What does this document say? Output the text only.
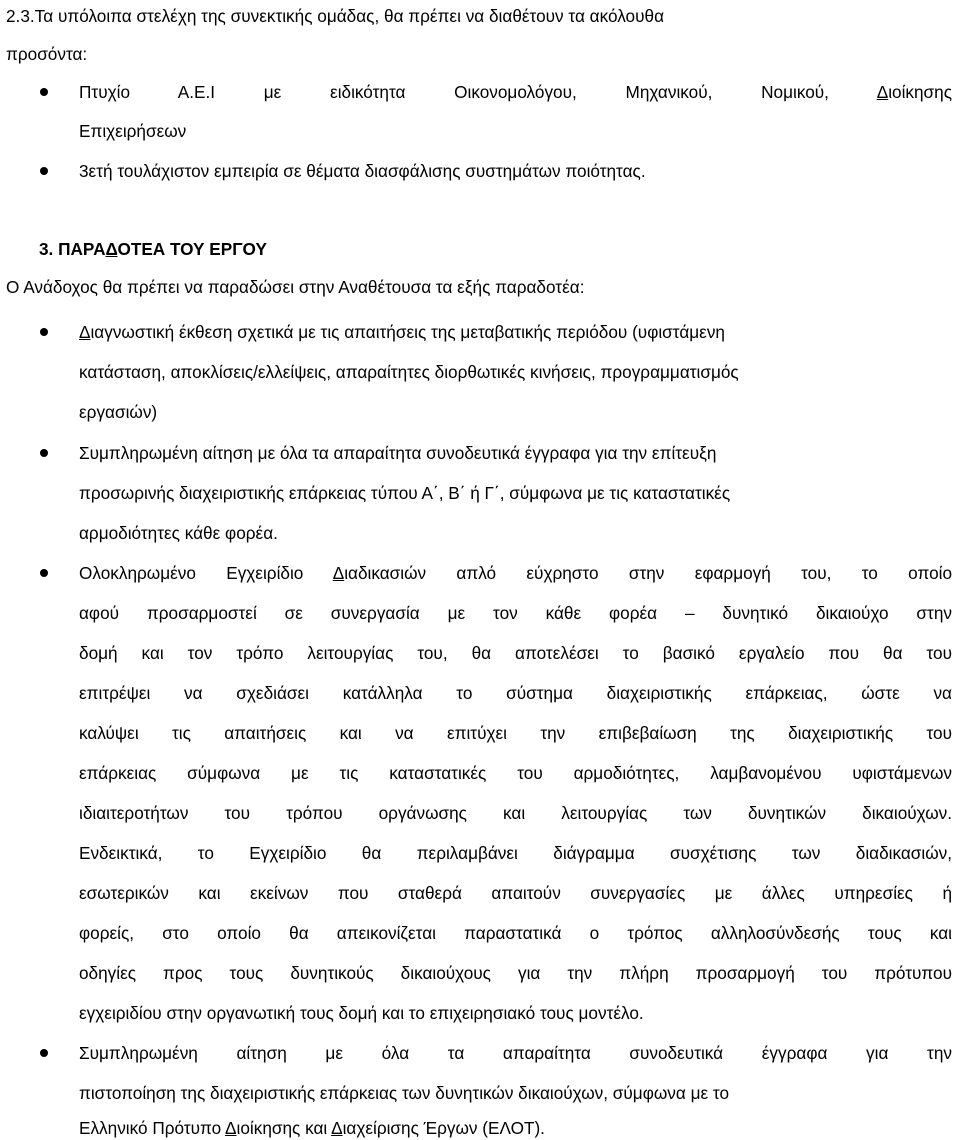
2.3.Τα υπόλοιπα στελέχη της συνεκτικής ομάδας, θα πρέπει να διαθέτουν τα ακόλουθα
προσόντα:
Πτυχίο Α.Ε.Ι με ειδικότητα Οικονομολόγου, Μηχανικού, Νομικού, Διοίκησης
Επιχειρήσεων
3ετή τουλάχιστον εμπειρία σε θέματα διασφάλισης συστημάτων ποιότητας.
3. ΠΑΡΑΔΟΤΕΑ ΤΟΥ ΕΡΓΟΥ
Ο Ανάδοχος θα πρέπει να παραδώσει στην Αναθέτουσα τα εξής παραδοτέα:
Διαγνωστική έκθεση σχετικά με τις απαιτήσεις της μεταβατικής περιόδου (υφιστάμενη
κατάσταση, αποκλίσεις/ελλείψεις, απαραίτητες διορθωτικές κινήσεις, προγραμματισμός
εργασιών)
Συμπληρωμένη αίτηση με όλα τα απαραίτητα συνοδευτικά έγγραφα για την επίτευξη
προσωρινής διαχειριστικής επάρκειας τύπου Α΄, Β΄ ή Γ΄, σύμφωνα με τις καταστατικές
αρμοδιότητες κάθε φορέα.
Ολοκληρωμένο Εγχειρίδιο Διαδικασιών απλό εύχρηστο στην εφαρμογή του, το οποίο
αφού προσαρμοστεί σε συνεργασία με τον κάθε φορέα – δυνητικό δικαιούχο στην
δομή και τον τρόπο λειτουργίας του, θα αποτελέσει το βασικό εργαλείο που θα του
επιτρέψει να σχεδιάσει κατάλληλα το σύστημα διαχειριστικής επάρκειας, ώστε να
καλύψει τις απαιτήσεις και να επιτύχει την επιβεβαίωση της διαχειριστικής του
επάρκειας σύμφωνα με τις καταστατικές του αρμοδιότητες, λαμβανομένου υφιστάμενων
ιδιαιτεροτήτων του τρόπου οργάνωσης και λειτουργίας των δυνητικών δικαιούχων.
Ενδεικτικά, το Εγχειρίδιο θα περιλαμβάνει διάγραμμα συσχέτισης των διαδικασιών,
εσωτερικών και εκείνων που σταθερά απαιτούν συνεργασίες με άλλες υπηρεσίες ή
φορείς, στο οποίο θα απεικονίζεται παραστατικά ο τρόπος αλληλοσύνδεσής τους και
οδηγίες προς τους δυνητικούς δικαιούχους για την πλήρη προσαρμογή του πρότυπου
εγχειριδίου στην οργανωτική τους δομή και το επιχειρησιακό τους μοντέλο.
Συμπληρωμένη αίτηση με όλα τα απαραίτητα συνοδευτικά έγγραφα για την
πιστοποίηση της διαχειριστικής επάρκειας των δυνητικών δικαιούχων, σύμφωνα με το
Ελληνικό Πρότυπο Διοίκησης και Διαχείρισης Έργων (ΕΛΟΤ).
